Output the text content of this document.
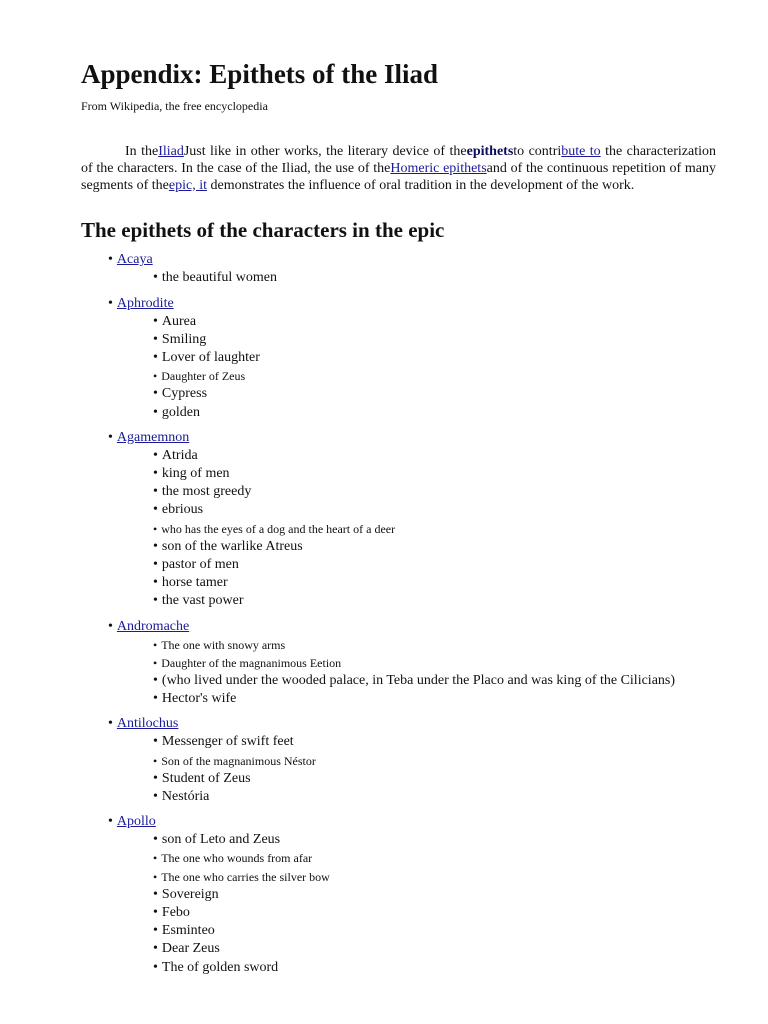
Appendix: Epithets of the Iliad
From Wikipedia, the free encyclopedia

In theIliadJust like in other works, the literary device of theepithetsto contribute to the characterization of the characters. In the case of the Iliad, the use of theHomeric epithetsand of the continuous repetition of many segments of theepic, it demonstrates the influence of oral tradition in the development of the work.

The epithets of the characters in the epic
• Acaya
• the beautiful women
• Aphrodite
• Aurea
• Smiling
• Lover of laughter
• Daughter of Zeus
• Cypress
• golden
• Agamemnon
• Atrida
• king of men
• the most greedy
• ebrious
• who has the eyes of a dog and the heart of a deer
• son of the warlike Atreus
• pastor of men
• horse tamer
• the vast power
• Andromache
• The one with snowy arms
• Daughter of the magnanimous Eetion
• (who lived under the wooded palace, in Teba under the Placo and was king of the Cilicians)
• Hector's wife
• Antilochus
• Messenger of swift feet
• Son of the magnanimous Néstor
• Student of Zeus
• Nestória
• Apollo
• son of Leto and Zeus
• The one who wounds from afar
• The one who carries the silver bow
• Sovereign
• Febo
• Esminteo
• Dear Zeus
• The of golden sword
